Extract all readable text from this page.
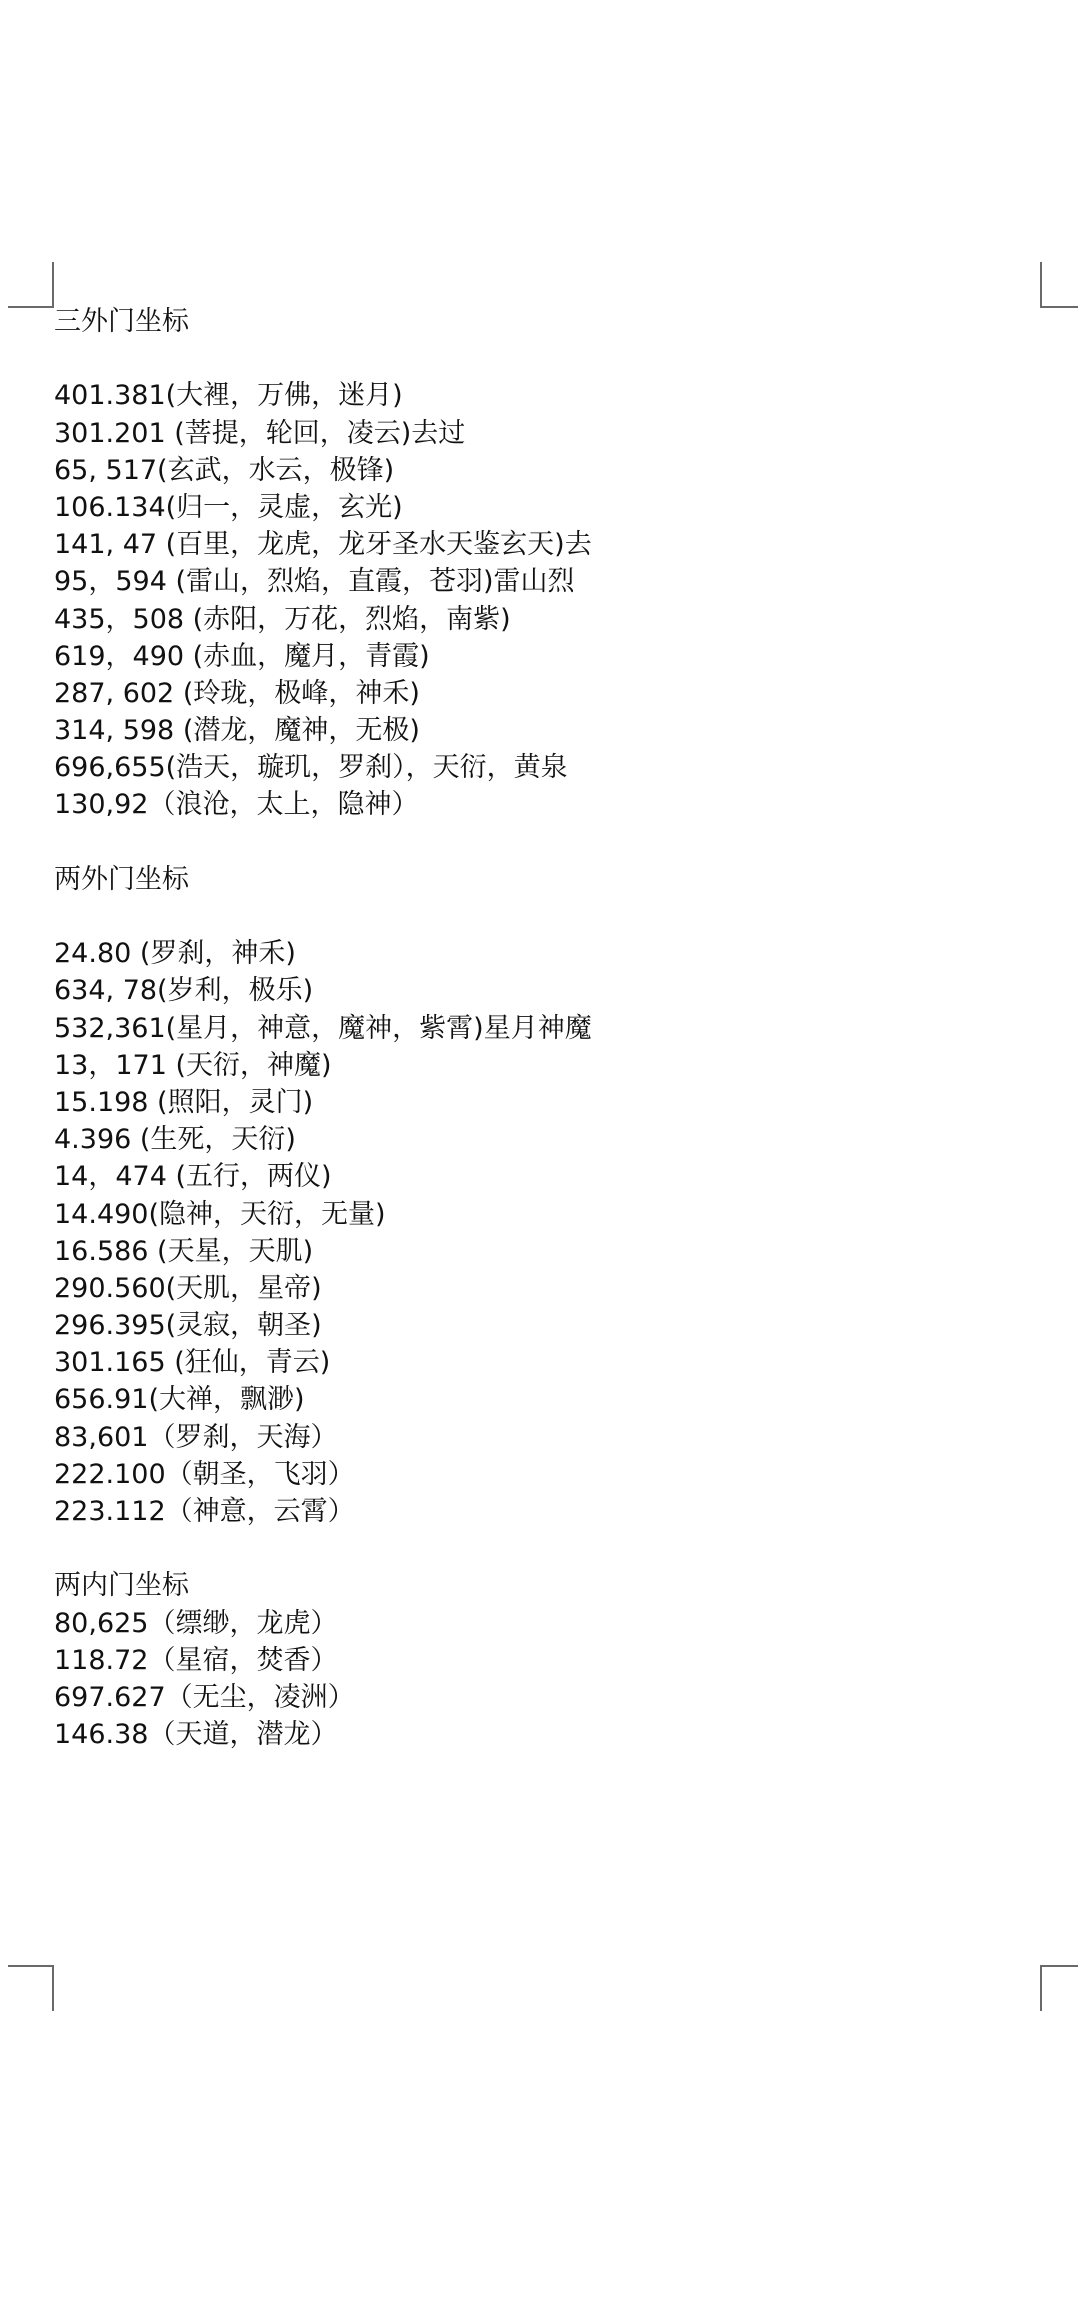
三外门坐标
401.381(大裡，万佛，迷月)
301.201 (菩提，轮回，凌云)去过
65, 517(玄武，水云，极锋)
106.134(归一，灵虚，玄光)
141, 47 (百里，龙虎，龙牙圣水天鉴玄天)去
95，594 (雷山，烈焰，直霞，苍羽)雷山烈
435，508 (赤阳，万花，烈焰，南紫)
619，490 (赤血，魔月，青霞)
287, 602 (玲珑，极峰，神禾)
314, 598 (潜龙，魔神，无极)
696,655(浩天，璇玑，罗刹），天衍，黄泉
130,92（浪沧，太上，隐神）
两外门坐标
24.80 (罗刹，神禾)
634, 78(岁利，极乐)
532,361(星月，神意，魔神，紫霄)星月神魔
13，171 (天衍，神魔)
15.198 (照阳，灵门)
4.396 (生死，天衍)
14，474 (五行，两仪)
14.490(隐神，天衍，无量)
16.586 (天星，天肌)
290.560(天肌，星帝)
296.395(灵寂，朝圣)
301.165 (狂仙，青云)
656.91(大禅，飘渺)
83,601（罗刹，天海）
222.100（朝圣，飞羽）
223.112（神意，云霄）
两内门坐标
80,625（缥缈，龙虎）
118.72（星宿，焚香）
697.627（无尘，凌洲）
146.38（天道，潜龙）
